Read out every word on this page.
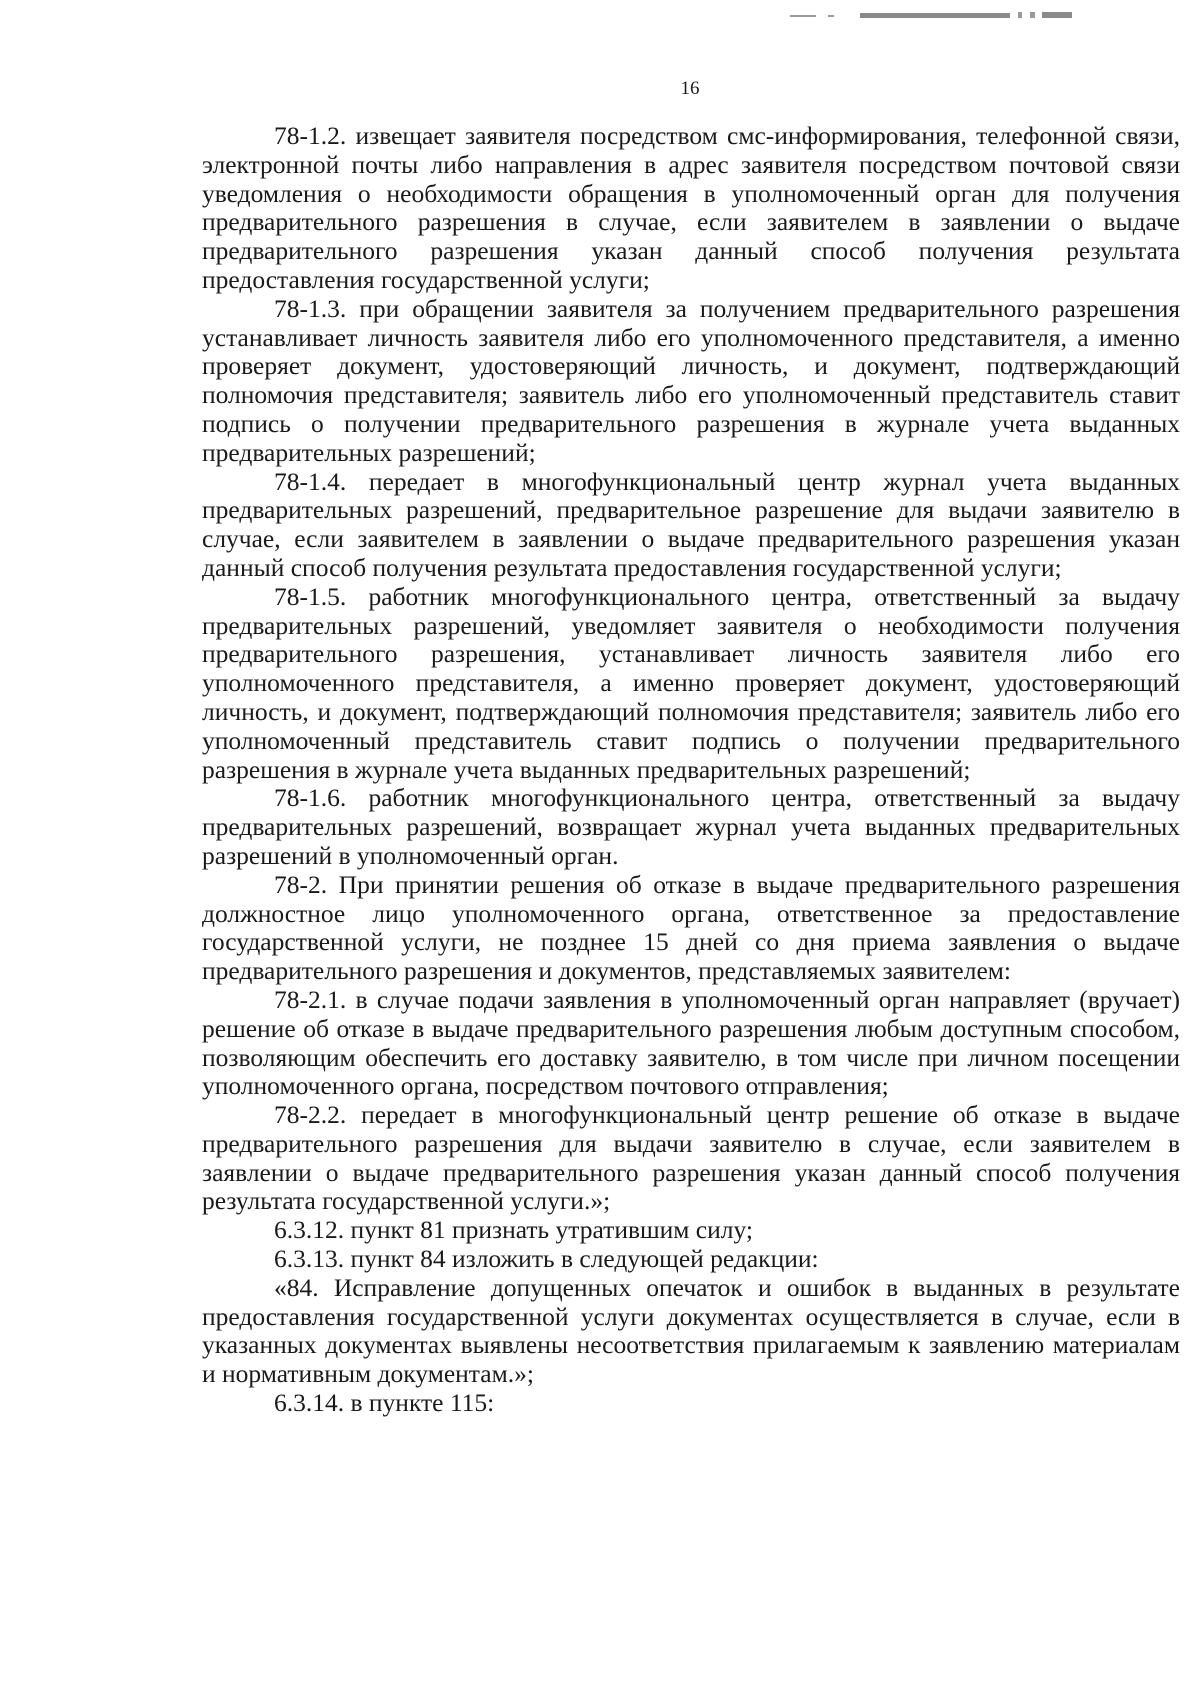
16

78-1.2. извещает заявителя посредством смс-информирования, телефонной связи, электронной почты либо направления в адрес заявителя посредством почтовой связи уведомления о необходимости обращения в уполномоченный орган для получения предварительного разрешения в случае, если заявителем в заявлении о выдаче предварительного разрешения указан данный способ получения результата предоставления государственной услуги;

78-1.3. при обращении заявителя за получением предварительного разрешения устанавливает личность заявителя либо его уполномоченного представителя, а именно проверяет документ, удостоверяющий личность, и документ, подтверждающий полномочия представителя; заявитель либо его уполномоченный представитель ставит подпись о получении предварительного разрешения в журнале учета выданных предварительных разрешений;

78-1.4. передает в многофункциональный центр журнал учета выданных предварительных разрешений, предварительное разрешение для выдачи заявителю в случае, если заявителем в заявлении о выдаче предварительного разрешения указан данный способ получения результата предоставления государственной услуги;

78-1.5. работник многофункционального центра, ответственный за выдачу предварительных разрешений, уведомляет заявителя о необходимости получения предварительного разрешения, устанавливает личность заявителя либо его уполномоченного представителя, а именно проверяет документ, удостоверяющий личность, и документ, подтверждающий полномочия представителя; заявитель либо его уполномоченный представитель ставит подпись о получении предварительного разрешения в журнале учета выданных предварительных разрешений;

78-1.6. работник многофункционального центра, ответственный за выдачу предварительных разрешений, возвращает журнал учета выданных предварительных разрешений в уполномоченный орган.

78-2. При принятии решения об отказе в выдаче предварительного разрешения должностное лицо уполномоченного органа, ответственное за предоставление государственной услуги, не позднее 15 дней со дня приема заявления о выдаче предварительного разрешения и документов, представляемых заявителем:

78-2.1. в случае подачи заявления в уполномоченный орган направляет (вручает) решение об отказе в выдаче предварительного разрешения любым доступным способом, позволяющим обеспечить его доставку заявителю, в том числе при личном посещении уполномоченного органа, посредством почтового отправления;

78-2.2. передает в многофункциональный центр решение об отказе в выдаче предварительного разрешения для выдачи заявителю в случае, если заявителем в заявлении о выдаче предварительного разрешения указан данный способ получения результата государственной услуги.»;

6.3.12. пункт 81 признать утратившим силу;

6.3.13. пункт 84 изложить в следующей редакции:

«84. Исправление допущенных опечаток и ошибок в выданных в результате предоставления государственной услуги документах осуществляется в случае, если в указанных документах выявлены несоответствия прилагаемым к заявлению материалам и нормативным документам.»;

6.3.14. в пункте 115:
